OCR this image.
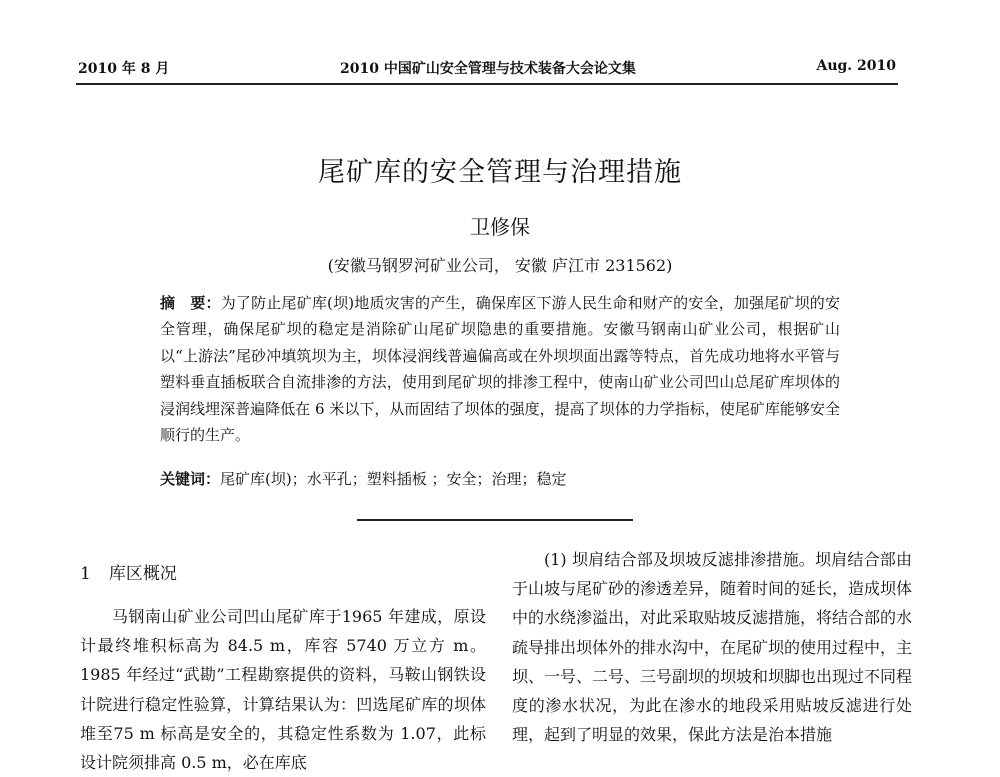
2010 年 8 月	2010 中国矿山安全管理与技术装备大会论文集	Aug. 2010
尾矿库的安全管理与治理措施
卫修保
(安徽马钢罗河矿业公司， 安徽 庐江市 231562)
摘　要：为了防止尾矿库(坝)地质灾害的产生，确保库区下游人民生命和财产的安全，加强尾矿坝的安全管理，确保尾矿坝的稳定是消除矿山尾矿坝隐患的重要措施。安徽马钢南山矿业公司，根据矿山以“上游法”尾砂冲填筑坝为主，坝体浸润线普遍偏高或在外坝坝面出露等特点，首先成功地将水平管与塑料垂直插板联合自流排渗的方法，使用到尾矿坝的排渗工程中，使南山矿业公司凹山总尾矿库坝体的浸润线埋深普遍降低在 6 米以下，从而固结了坝体的强度，提高了坝体的力学指标，使尾矿库能够安全顺行的生产。
关键词：尾矿库(坝)；水平孔；塑料插板 ；安全；治理；稳定
1 库区概况

马钢南山矿业公司凹山尾矿库于1965 年建成，原设计最终堆积标高为 84.5 m，库容 5740 万立方 m。1985 年经过“武勘”工程勘察提供的资料，马鞍山钢铁设计院进行稳定性验算，计算结果认为：凹选尾矿库的坝体堆至75 m 标高是安全的，其稳定性系数为 1.07，此标设计院须排高 0.5 m，必在库底

(1) 坝肩结合部及坝坡反滤排渗措施。坝肩结合部由于山坡与尾矿砂的渗透差异，随着时间的延长，造成坝体中的水绕渗溢出，对此采取贴坡反滤措施，将结合部的水疏导排出坝体外的排水沟中，在尾矿坝的使用过程中，主坝、一号、二号、三号副坝的坝坡和坝脚也出现过不同程度的渗水状况，为此在渗水的地段采用贴坡反滤进行处理，起到了明显的效果，保此方法是治本措施
